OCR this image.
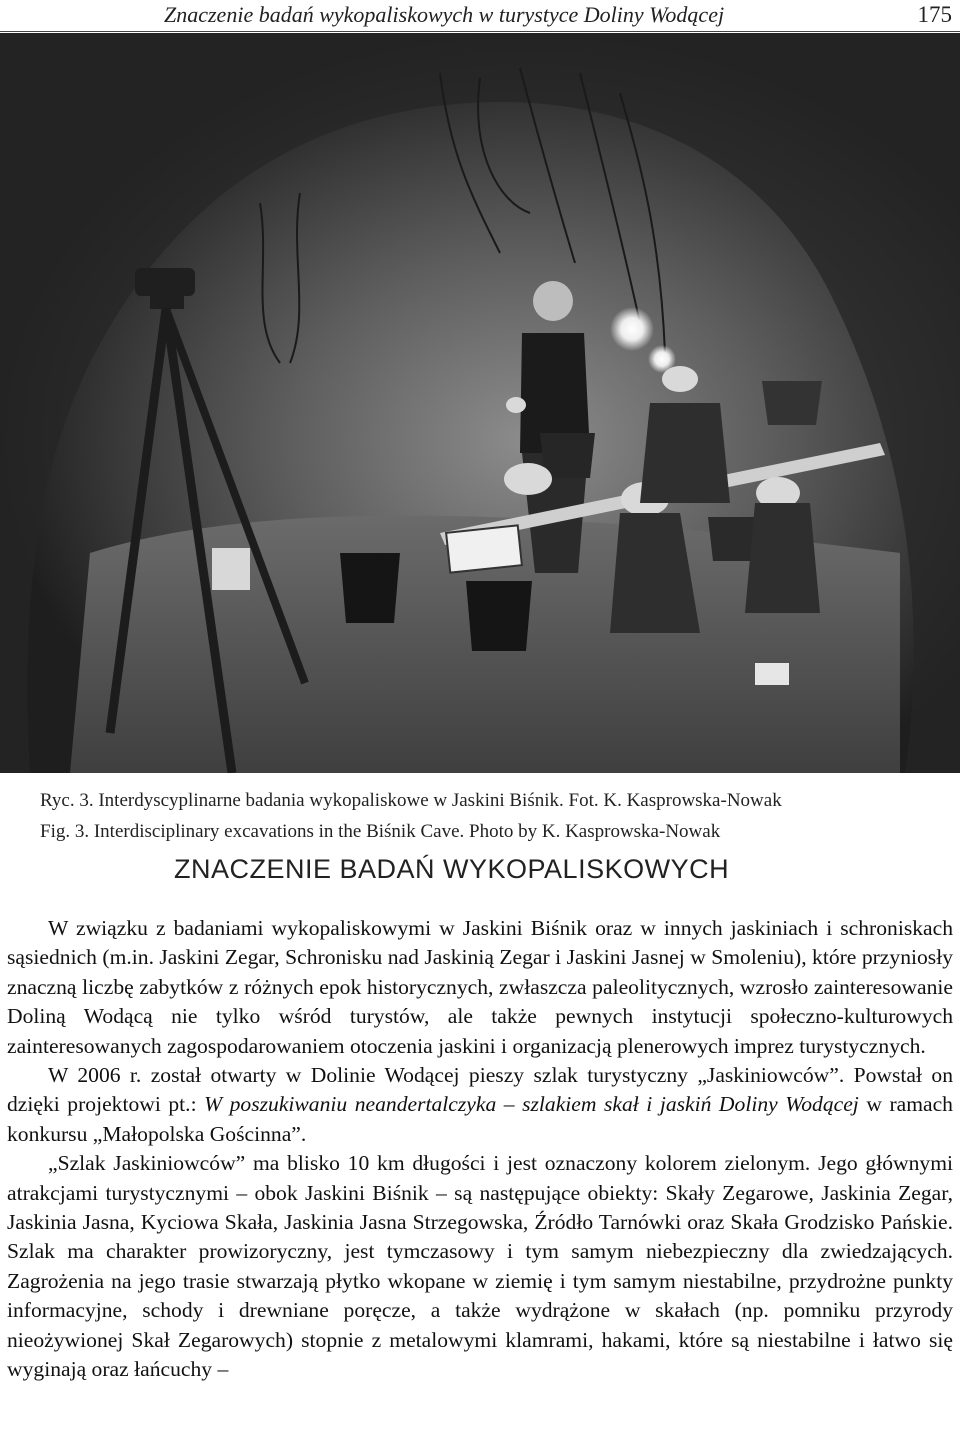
Znaczenie badań wykopaliskowych w turystyce Doliny Wodącej	175
Ryc. 3. Interdyscyplinarne badania wykopaliskowe w Jaskini Biśnik. Fot. K. Kasprowska-Nowak
Fig. 3. Interdisciplinary excavations in the Biśnik Cave. Photo by K. Kasprowska-Nowak
ZNACZENIE BADAŃ WYKOPALISKOWYCH

W związku z badaniami wykopaliskowymi w Jaskini Biśnik oraz w innych jaskiniach i schroniskach sąsiednich (m.in. Jaskini Zegar, Schronisku nad Jaskinią Zegar i Jaskini Jasnej w Smoleniu), które przyniosły znaczną liczbę zabytków z różnych epok historycznych, zwłaszcza paleolitycznych, wzrosło zainteresowanie Doliną Wodącą nie tylko wśród turystów, ale także pewnych instytucji społeczno-kulturowych zainteresowanych zagospodarowaniem otoczenia jaskini i organizacją plenerowych imprez turystycznych.

W 2006 r. został otwarty w Dolinie Wodącej pieszy szlak turystyczny „Jaskiniowców”. Powstał on dzięki projektowi pt.: W poszukiwaniu neandertalczyka – szlakiem skał i jaskiń Doliny Wodącej w ramach konkursu „Małopolska Gościnna”.

„Szlak Jaskiniowców” ma blisko 10 km długości i jest oznaczony kolorem zielonym. Jego głównymi atrakcjami turystycznymi – obok Jaskini Biśnik – są następujące obiekty: Skały Zegarowe, Jaskinia Zegar, Jaskinia Jasna, Kyciowa Skała, Jaskinia Jasna Strzegowska, Źródło Tarnówki oraz Skała Grodzisko Pańskie. Szlak ma charakter prowizoryczny, jest tymczasowy i tym samym niebezpieczny dla zwiedzających. Zagrożenia na jego trasie stwarzają płytko wkopane w ziemię i tym samym niestabilne, przydrożne punkty informacyjne, schody i drewniane poręcze, a także wydrążone w skałach (np. pomniku przyrody nieożywionej Skał Zegarowych) stopnie z metalowymi klamrami, hakami, które są niestabilne i łatwo się wyginają oraz łańcuchy –
